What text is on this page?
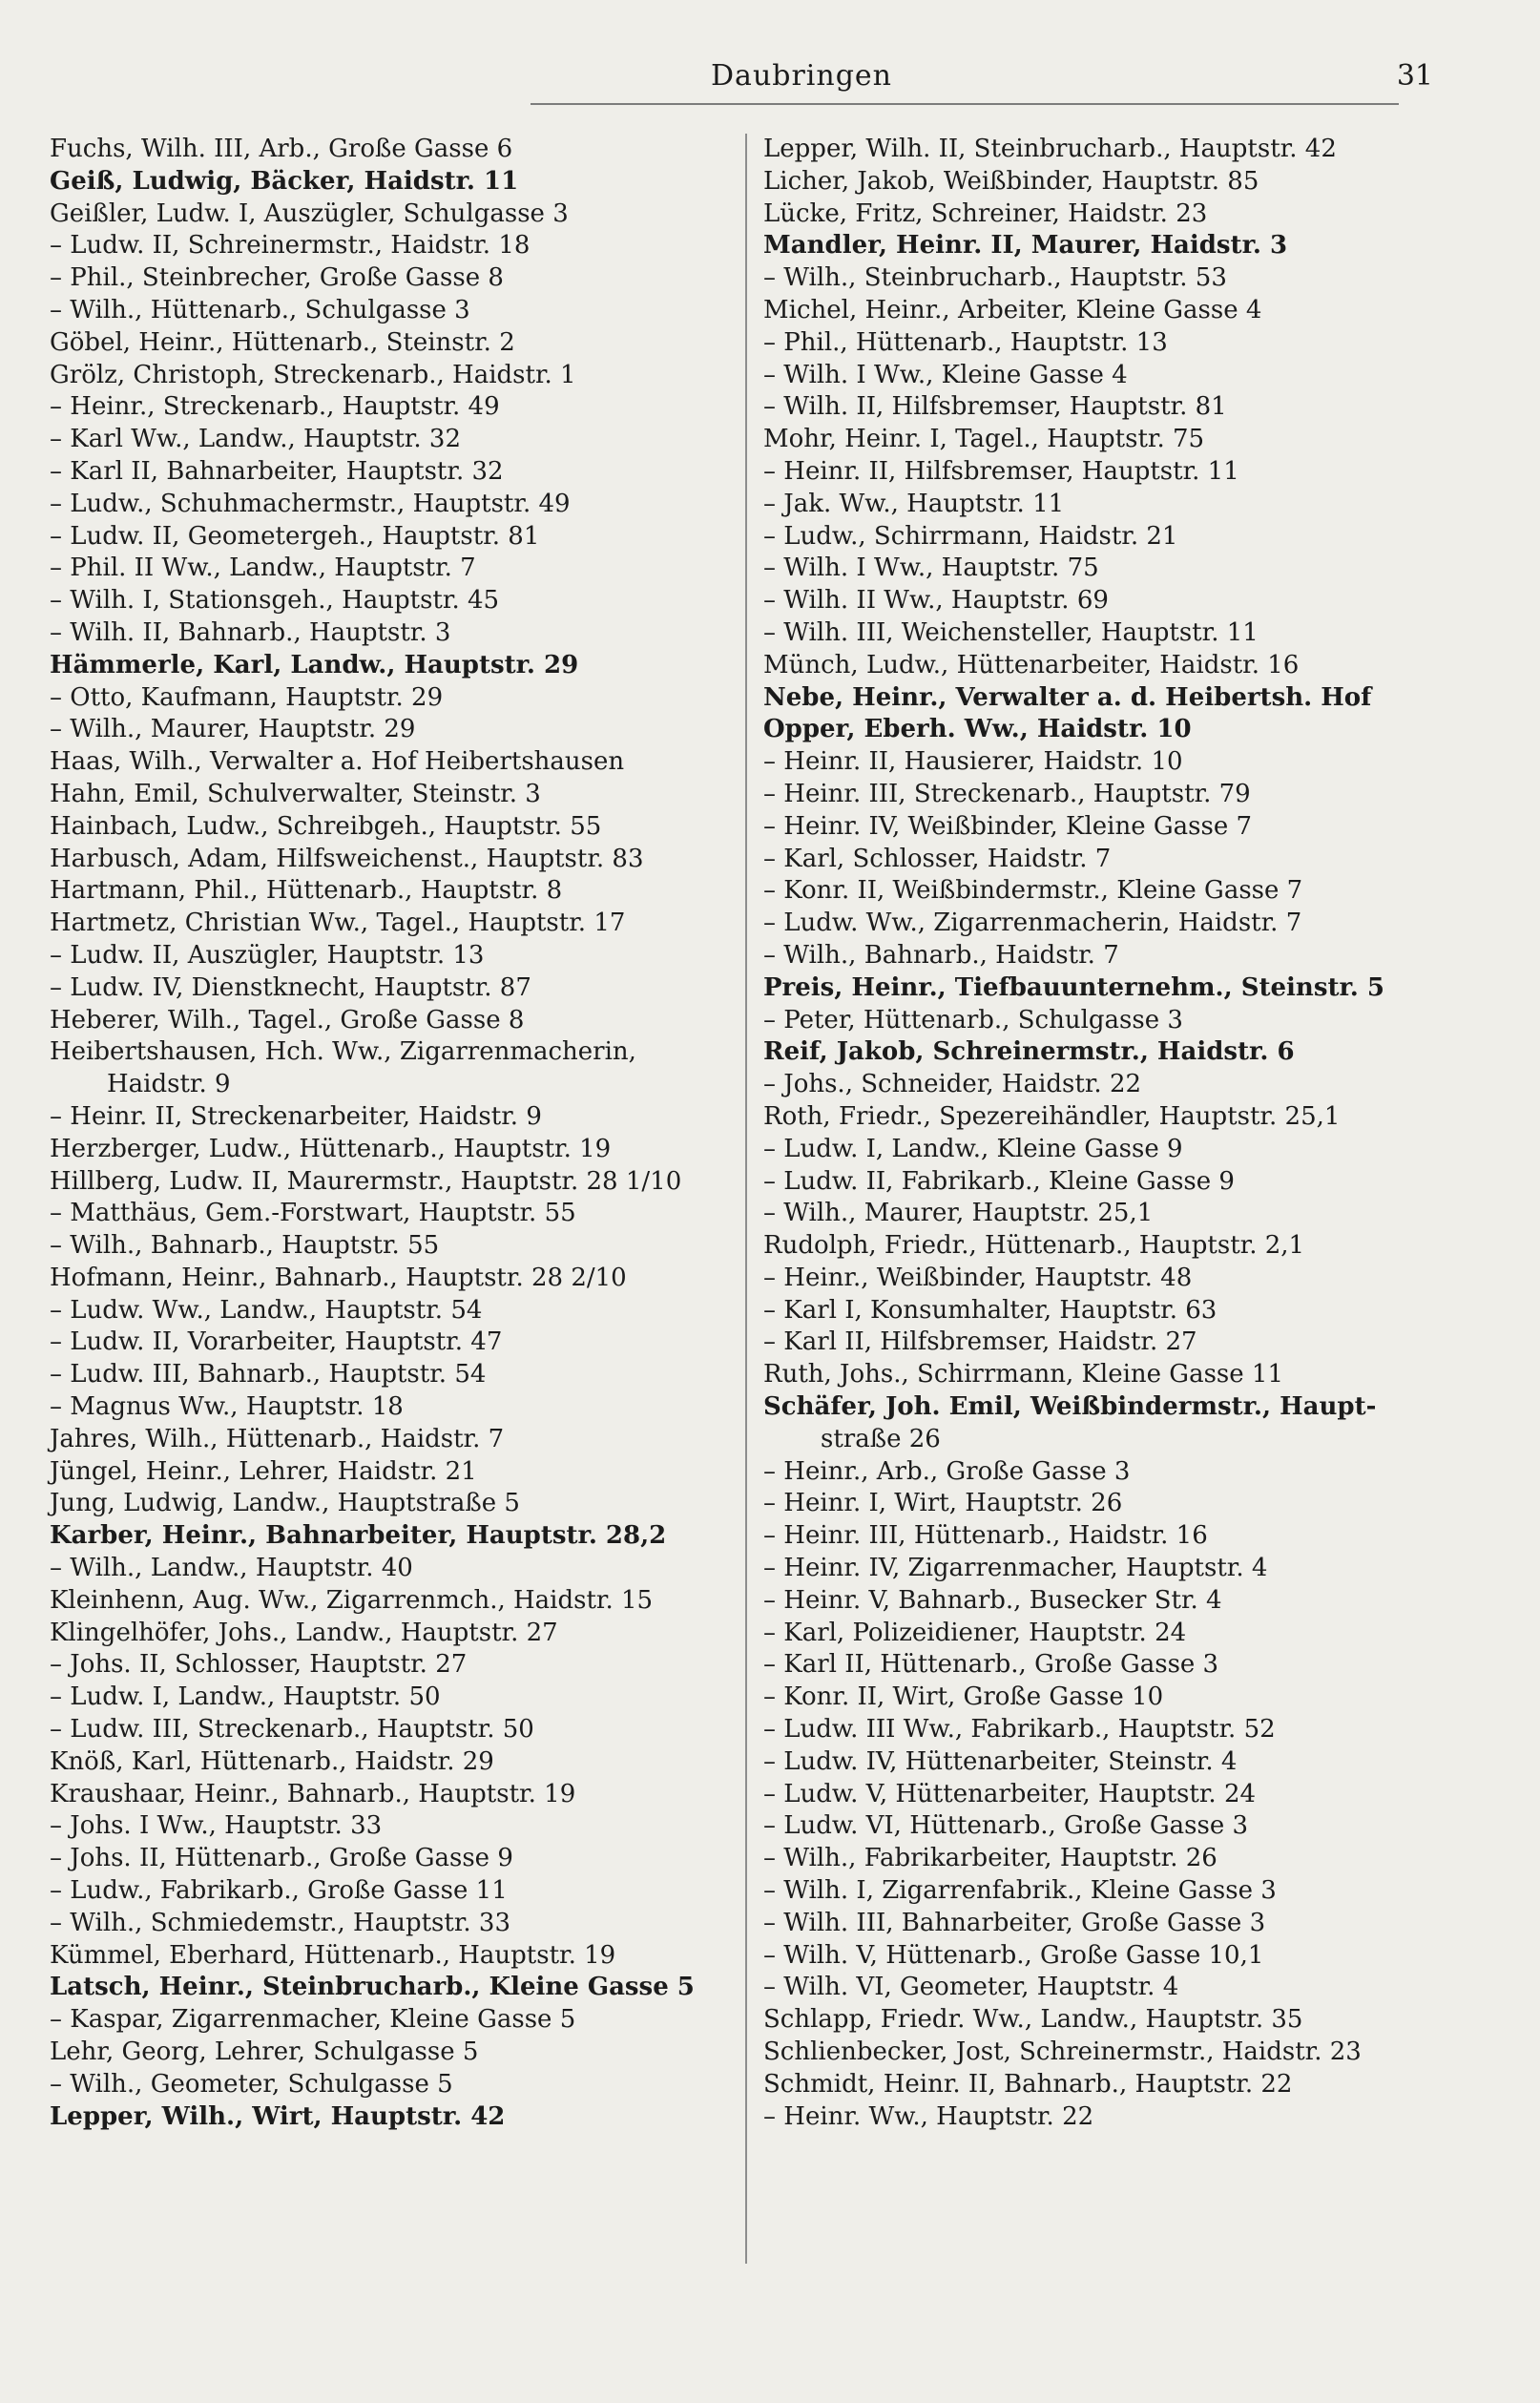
Daubringen	31
Fuchs, Wilh. III, Arb., Große Gasse 6
Geiß, Ludwig, Bäcker, Haidstr. 11
Geißler, Ludw. I, Auszügler, Schulgasse 3
– Ludw. II, Schreinermstr., Haidstr. 18
– Phil., Steinbrecher, Große Gasse 8
– Wilh., Hüttenarb., Schulgasse 3
Göbel, Heinr., Hüttenarb., Steinstr. 2
Grölz, Christoph, Streckenarb., Haidstr. 1
– Heinr., Streckenarb., Hauptstr. 49
– Karl Ww., Landw., Hauptstr. 32
– Karl II, Bahnarbeiter, Hauptstr. 32
– Ludw., Schuhmachermstr., Hauptstr. 49
– Ludw. II, Geometergeh., Hauptstr. 81
– Phil. II Ww., Landw., Hauptstr. 7
– Wilh. I, Stationsgeh., Hauptstr. 45
– Wilh. II, Bahnarb., Hauptstr. 3
Hämmerle, Karl, Landw., Hauptstr. 29
– Otto, Kaufmann, Hauptstr. 29
– Wilh., Maurer, Hauptstr. 29
Haas, Wilh., Verwalter a. Hof Heibertshausen
Hahn, Emil, Schulverwalter, Steinstr. 3
Hainbach, Ludw., Schreibgeh., Hauptstr. 55
Harbusch, Adam, Hilfsweichenst., Hauptstr. 83
Hartmann, Phil., Hüttenarb., Hauptstr. 8
Hartmetz, Christian Ww., Tagel., Hauptstr. 17
– Ludw. II, Auszügler, Hauptstr. 13
– Ludw. IV, Dienstknecht, Hauptstr. 87
Heberer, Wilh., Tagel., Große Gasse 8
Heibertshausen, Hch. Ww., Zigarrenmacherin,
Haidstr. 9
– Heinr. II, Streckenarbeiter, Haidstr. 9
Herzberger, Ludw., Hüttenarb., Hauptstr. 19
Hillberg, Ludw. II, Maurermstr., Hauptstr. 28 1/10
– Matthäus, Gem.-Forstwart, Hauptstr. 55
– Wilh., Bahnarb., Hauptstr. 55
Hofmann, Heinr., Bahnarb., Hauptstr. 28 2/10
– Ludw. Ww., Landw., Hauptstr. 54
– Ludw. II, Vorarbeiter, Hauptstr. 47
– Ludw. III, Bahnarb., Hauptstr. 54
– Magnus Ww., Hauptstr. 18
Jahres, Wilh., Hüttenarb., Haidstr. 7
Jüngel, Heinr., Lehrer, Haidstr. 21
Jung, Ludwig, Landw., Hauptstraße 5
Karber, Heinr., Bahnarbeiter, Hauptstr. 28,2
– Wilh., Landw., Hauptstr. 40
Kleinhenn, Aug. Ww., Zigarrenmch., Haidstr. 15
Klingelhöfer, Johs., Landw., Hauptstr. 27
– Johs. II, Schlosser, Hauptstr. 27
– Ludw. I, Landw., Hauptstr. 50
– Ludw. III, Streckenarb., Hauptstr. 50
Knöß, Karl, Hüttenarb., Haidstr. 29
Kraushaar, Heinr., Bahnarb., Hauptstr. 19
– Johs. I Ww., Hauptstr. 33
– Johs. II, Hüttenarb., Große Gasse 9
– Ludw., Fabrikarb., Große Gasse 11
– Wilh., Schmiedemstr., Hauptstr. 33
Kümmel, Eberhard, Hüttenarb., Hauptstr. 19
Latsch, Heinr., Steinbrucharb., Kleine Gasse 5
– Kaspar, Zigarrenmacher, Kleine Gasse 5
Lehr, Georg, Lehrer, Schulgasse 5
– Wilh., Geometer, Schulgasse 5
Lepper, Wilh., Wirt, Hauptstr. 42
Lepper, Wilh. II, Steinbrucharb., Hauptstr. 42
Licher, Jakob, Weißbinder, Hauptstr. 85
Lücke, Fritz, Schreiner, Haidstr. 23
Mandler, Heinr. II, Maurer, Haidstr. 3
– Wilh., Steinbrucharb., Hauptstr. 53
Michel, Heinr., Arbeiter, Kleine Gasse 4
– Phil., Hüttenarb., Hauptstr. 13
– Wilh. I Ww., Kleine Gasse 4
– Wilh. II, Hilfsbremser, Hauptstr. 81
Mohr, Heinr. I, Tagel., Hauptstr. 75
– Heinr. II, Hilfsbremser, Hauptstr. 11
– Jak. Ww., Hauptstr. 11
– Ludw., Schirrmann, Haidstr. 21
– Wilh. I Ww., Hauptstr. 75
– Wilh. II Ww., Hauptstr. 69
– Wilh. III, Weichensteller, Hauptstr. 11
Münch, Ludw., Hüttenarbeiter, Haidstr. 16
Nebe, Heinr., Verwalter a. d. Heibertsh. Hof
Opper, Eberh. Ww., Haidstr. 10
– Heinr. II, Hausierer, Haidstr. 10
– Heinr. III, Streckenarb., Hauptstr. 79
– Heinr. IV, Weißbinder, Kleine Gasse 7
– Karl, Schlosser, Haidstr. 7
– Konr. II, Weißbindermstr., Kleine Gasse 7
– Ludw. Ww., Zigarrenmacherin, Haidstr. 7
– Wilh., Bahnarb., Haidstr. 7
Preis, Heinr., Tiefbauunternehm., Steinstr. 5
– Peter, Hüttenarb., Schulgasse 3
Reif, Jakob, Schreinermstr., Haidstr. 6
– Johs., Schneider, Haidstr. 22
Roth, Friedr., Spezereihändler, Hauptstr. 25,1
– Ludw. I, Landw., Kleine Gasse 9
– Ludw. II, Fabrikarb., Kleine Gasse 9
– Wilh., Maurer, Hauptstr. 25,1
Rudolph, Friedr., Hüttenarb., Hauptstr. 2,1
– Heinr., Weißbinder, Hauptstr. 48
– Karl I, Konsumhalter, Hauptstr. 63
– Karl II, Hilfsbremser, Haidstr. 27
Ruth, Johs., Schirrmann, Kleine Gasse 11
Schäfer, Joh. Emil, Weißbindermstr., Haupt-
straße 26
– Heinr., Arb., Große Gasse 3
– Heinr. I, Wirt, Hauptstr. 26
– Heinr. III, Hüttenarb., Haidstr. 16
– Heinr. IV, Zigarrenmacher, Hauptstr. 4
– Heinr. V, Bahnarb., Busecker Str. 4
– Karl, Polizeidiener, Hauptstr. 24
– Karl II, Hüttenarb., Große Gasse 3
– Konr. II, Wirt, Große Gasse 10
– Ludw. III Ww., Fabrikarb., Hauptstr. 52
– Ludw. IV, Hüttenarbeiter, Steinstr. 4
– Ludw. V, Hüttenarbeiter, Hauptstr. 24
– Ludw. VI, Hüttenarb., Große Gasse 3
– Wilh., Fabrikarbeiter, Hauptstr. 26
– Wilh. I, Zigarrenfabrik., Kleine Gasse 3
– Wilh. III, Bahnarbeiter, Große Gasse 3
– Wilh. V, Hüttenarb., Große Gasse 10,1
– Wilh. VI, Geometer, Hauptstr. 4
Schlapp, Friedr. Ww., Landw., Hauptstr. 35
Schlienbecker, Jost, Schreinermstr., Haidstr. 23
Schmidt, Heinr. II, Bahnarb., Hauptstr. 22
– Heinr. Ww., Hauptstr. 22
